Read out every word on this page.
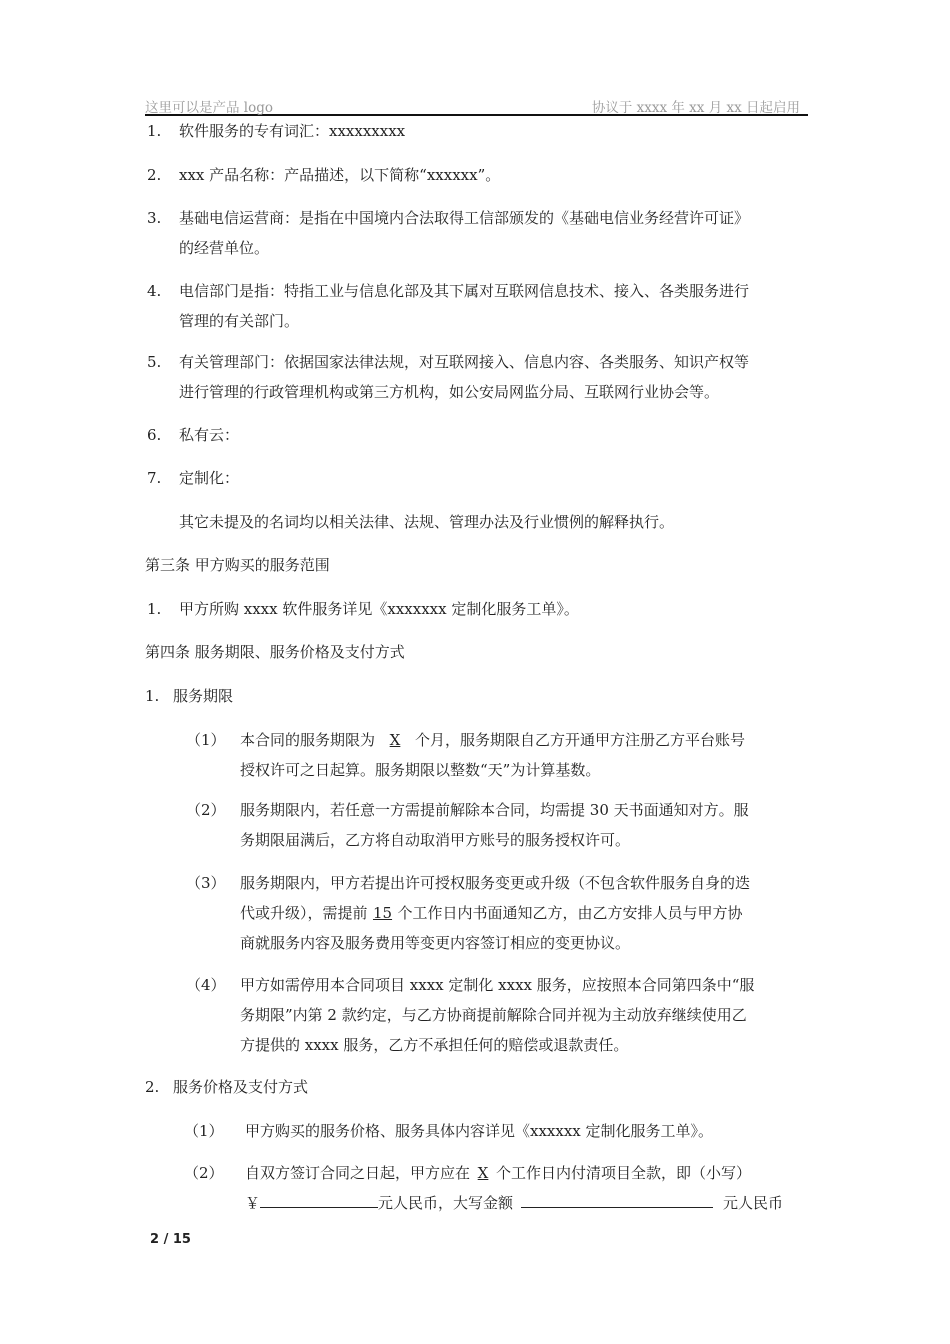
这里可以是产品 logo	协议于 xxxx 年 xx 月 xx 日起启用
1. 软件服务的专有词汇：xxxxxxxxx
2. xxx 产品名称：产品描述，以下简称“xxxxxx”。
3. 基础电信运营商：是指在中国境内合法取得工信部颁发的《基础电信业务经营许可证》
的经营单位。
4. 电信部门是指：特指工业与信息化部及其下属对互联网信息技术、接入、各类服务进行
管理的有关部门。
5. 有关管理部门：依据国家法律法规，对互联网接入、信息内容、各类服务、知识产权等
进行管理的行政管理机构或第三方机构，如公安局网监分局、互联网行业协会等。
6. 私有云：
7. 定制化：
其它未提及的名词均以相关法律、法规、管理办法及行业惯例的解释执行。
第三条 甲方购买的服务范围
1. 甲方所购 xxxx 软件服务详见《xxxxxxx 定制化服务工单》。
第四条 服务期限、服务价格及支付方式
1. 服务期限
（1） 本合同的服务期限为 X 个月，服务期限自乙方开通甲方注册乙方平台账号
授权许可之日起算。服务期限以整数“天”为计算基数。
（2） 服务期限内，若任意一方需提前解除本合同，均需提 30 天书面通知对方。服
务期限届满后，乙方将自动取消甲方账号的服务授权许可。
（3） 服务期限内，甲方若提出许可授权服务变更或升级（不包含软件服务自身的迭
代或升级），需提前 15 个工作日内书面通知乙方，由乙方安排人员与甲方协
商就服务内容及服务费用等变更内容签订相应的变更协议。
（4） 甲方如需停用本合同项目 xxxx 定制化 xxxx 服务，应按照本合同第四条中“服
务期限”内第 2 款约定，与乙方协商提前解除合同并视为主动放弃继续使用乙
方提供的 xxxx 服务，乙方不承担任何的赔偿或退款责任。
2. 服务价格及支付方式
（1） 甲方购买的服务价格、服务具体内容详见《xxxxxx 定制化服务工单》。
（2） 自双方签订合同之日起，甲方应在 X 个工作日内付清项目全款，即（小写）
￥	元人民币，大写金额	元人民币
2 / 15
